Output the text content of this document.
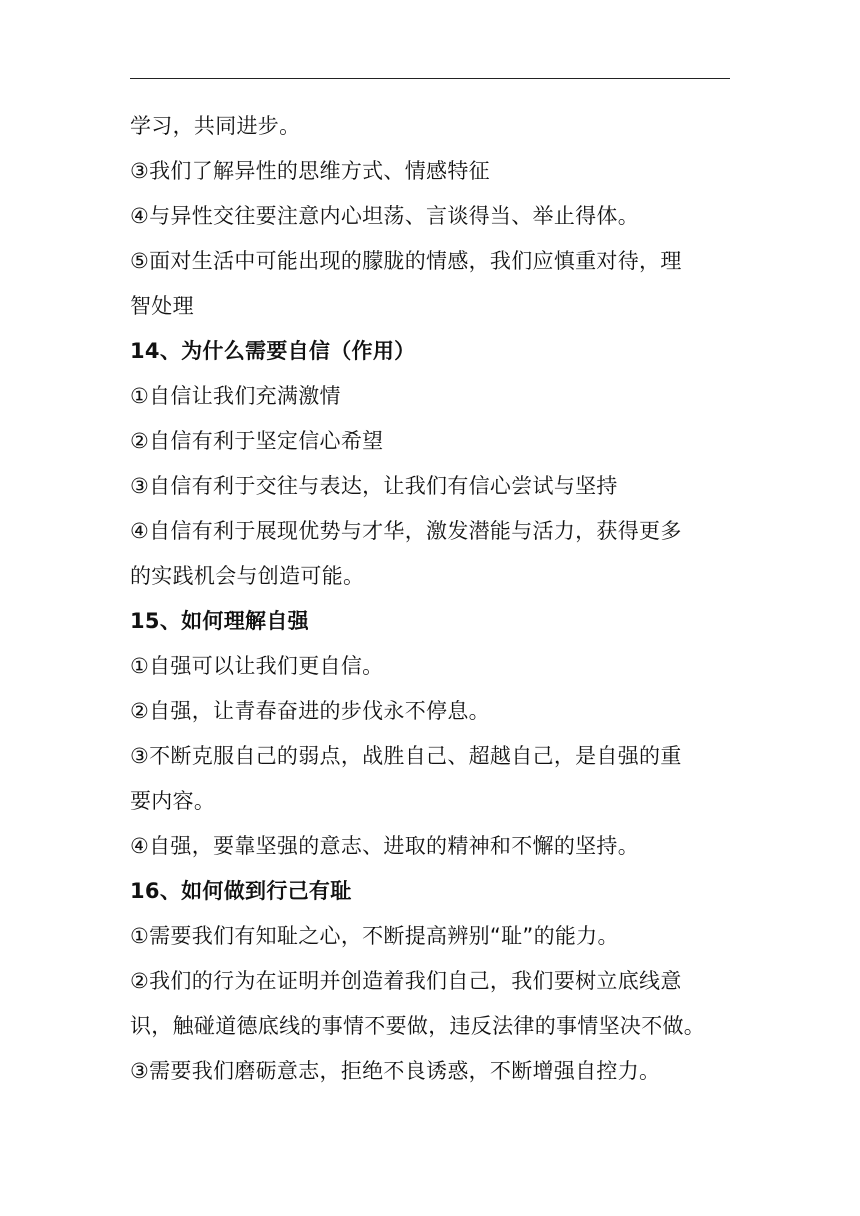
学习，共同进步。
③我们了解异性的思维方式、情感特征
④与异性交往要注意内心坦荡、言谈得当、举止得体。
⑤面对生活中可能出现的朦胧的情感，我们应慎重对待，理
智处理
14、为什么需要自信（作用）
①自信让我们充满激情
②自信有利于坚定信心希望
③自信有利于交往与表达，让我们有信心尝试与坚持
④自信有利于展现优势与才华，激发潜能与活力，获得更多
的实践机会与创造可能。
15、如何理解自强
①自强可以让我们更自信。
②自强，让青春奋进的步伐永不停息。
③不断克服自己的弱点，战胜自己、超越自己，是自强的重
要内容。
④自强，要靠坚强的意志、进取的精神和不懈的坚持。
16、如何做到行己有耻
①需要我们有知耻之心，不断提高辨别“耻”的能力。
②我们的行为在证明并创造着我们自己，我们要树立底线意
识，触碰道德底线的事情不要做，违反法律的事情坚决不做。
③需要我们磨砺意志，拒绝不良诱惑，不断增强自控力。
